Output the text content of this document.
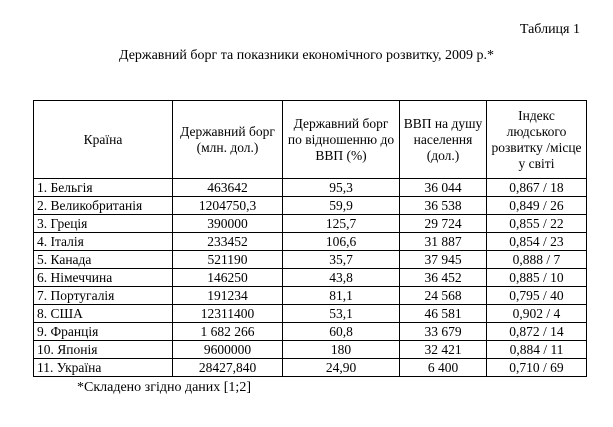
Таблиця 1
Державний борг та показники економічного розвитку, 2009 р.*
Країна	Державний борг (млн. дол.)	Державний борг по відношенню до ВВП (%)	ВВП на душу населення (дол.)	Індекс людського розвитку /місце у світі
1. Бельгія	463642	95,3	36 044	0,867 / 18
2. Великобританія	1204750,3	59,9	36 538	0,849 / 26
3. Греція	390000	125,7	29 724	0,855 / 22
4. Італія	233452	106,6	31 887	0,854 / 23
5. Канада	521190	35,7	37 945	0,888 / 7
6. Німеччина	146250	43,8	36 452	0,885 / 10
7. Португалія	191234	81,1	24 568	0,795 / 40
8. США	12311400	53,1	46 581	0,902 / 4
9. Франція	1 682 266	60,8	33 679	0,872 / 14
10. Японія	9600000	180	32 421	0,884 / 11
11. Україна	28427,840	24,90	6 400	0,710 / 69
*Складено згідно даних [1;2]
